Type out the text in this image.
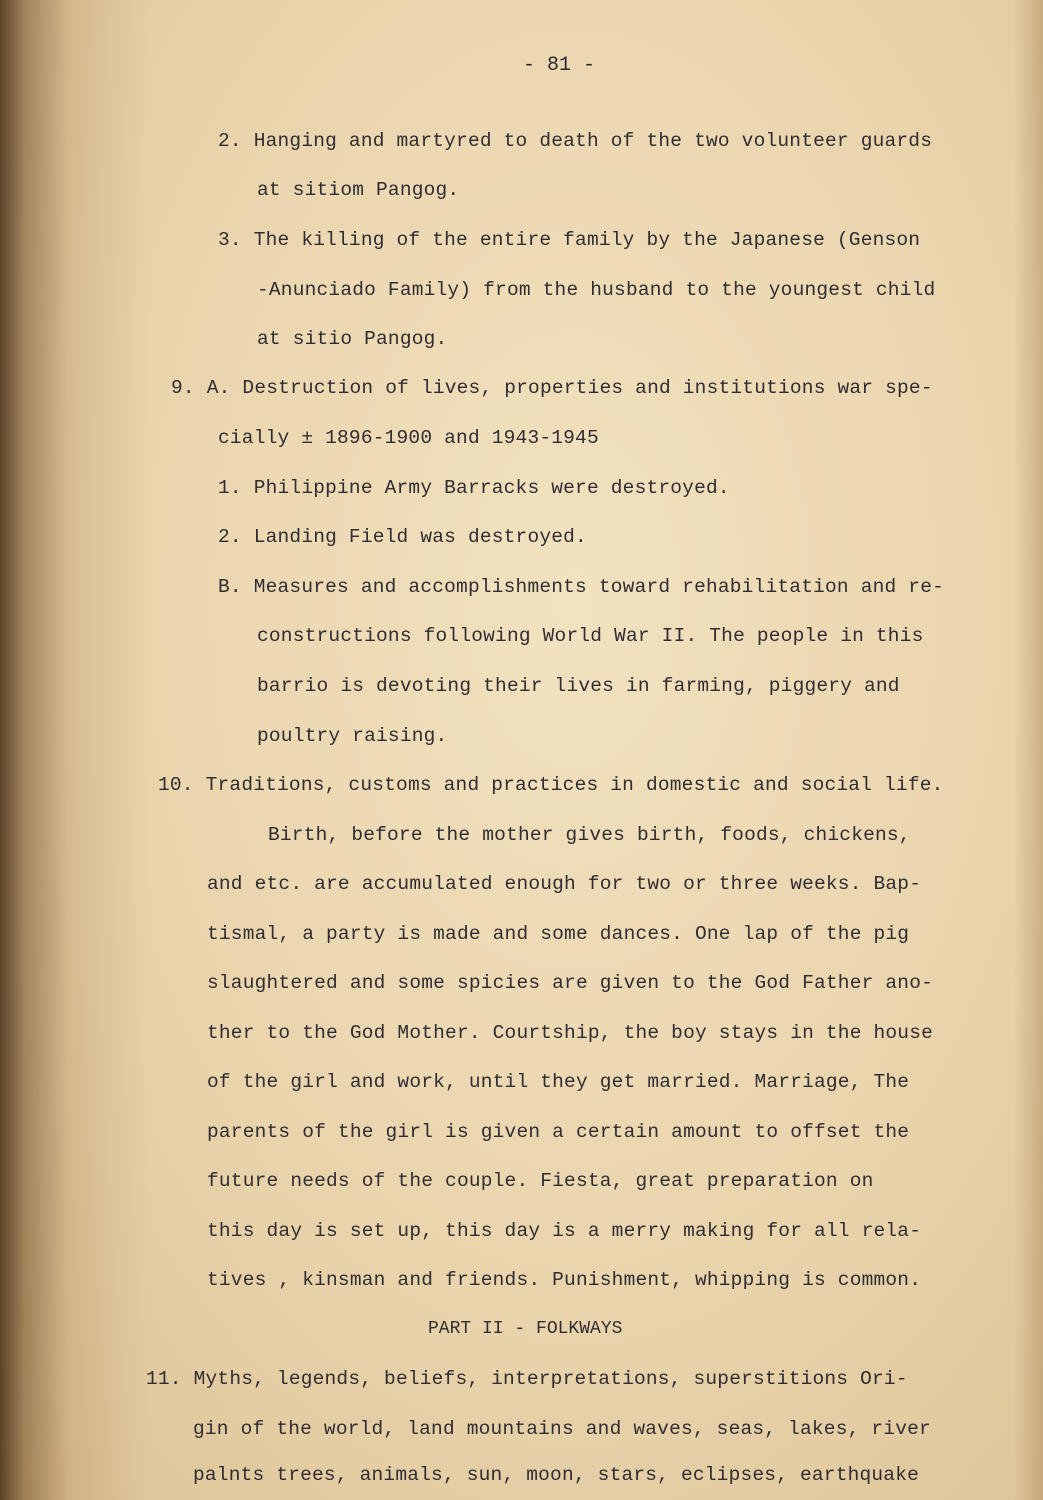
- 81 -
2. Hanging and martyred to death of the two volunteer guards
at sitiom Pangog.
3. The killing of the entire family by the Japanese (Genson
-Anunciado Family) from the husband to the youngest child
at sitio Pangog.
9. A. Destruction of lives, properties and institutions war spe-
cially ± 1896-1900 and 1943-1945
1. Philippine Army Barracks were destroyed.
2. Landing Field was destroyed.
B. Measures and accomplishments toward rehabilitation and re-
constructions following World War II. The people in this
barrio is devoting their lives in farming, piggery and
poultry raising.
10. Traditions, customs and practices in domestic and social life.
Birth, before the mother gives birth, foods, chickens,
and etc. are accumulated enough for two or three weeks. Bap-
tismal, a party is made and some dances. One lap of the pig
slaughtered and some spicies are given to the God Father ano-
ther to the God Mother. Courtship, the boy stays in the house
of the girl and work, until they get married. Marriage, The
parents of the girl is given a certain amount to offset the
future needs of the couple. Fiesta, great preparation on
this day is set up, this day is a merry making for all rela-
tives , kinsman and friends. Punishment, whipping is common.
PART II - FOLKWAYS
11. Myths, legends, beliefs, interpretations, superstitions Ori-
gin of the world, land mountains and waves, seas, lakes, river
palnts trees, animals, sun, moon, stars, eclipses, earthquake
